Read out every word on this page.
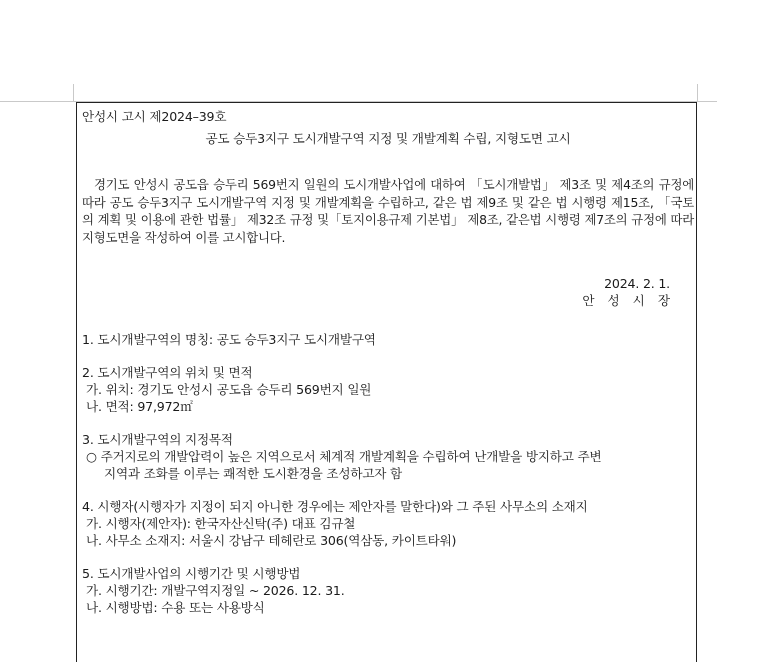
안성시 고시 제2024–39호

공도 승두3지구 도시개발구역 지정 및 개발계획 수립, 지형도면 고시

경기도 안성시 공도읍 승두리 569번지 일원의 도시개발사업에 대하여 「도시개발법」 제3조 및 제4조의 규정에 따라 공도 승두3지구 도시개발구역 지정 및 개발계획을 수립하고, 같은 법 제9조 및 같은 법 시행령 제15조, 「국토의 계획 및 이용에 관한 법률」 제32조 규정 및「토지이용규제 기본법」 제8조, 같은법 시행령 제7조의 규정에 따라 지형도면을 작성하여 이를 고시합니다.

2024. 2. 1.
안성시장

1. 도시개발구역의 명칭: 공도 승두3지구 도시개발구역

2. 도시개발구역의 위치 및 면적

가. 위치: 경기도 안성시 공도읍 승두리 569번지 일원

나. 면적: 97,972㎡

3. 도시개발구역의 지정목적

○ 주거지로의 개발압력이 높은 지역으로서 체계적 개발계획을 수립하여 난개발을 방지하고 주변

지역과 조화를 이루는 쾌적한 도시환경을 조성하고자 함

4. 시행자(시행자가 지정이 되지 아니한 경우에는 제안자를 말한다)와 그 주된 사무소의 소재지

가. 시행자(제안자): 한국자산신탁(주) 대표 김규철

나. 사무소 소재지: 서울시 강남구 테헤란로 306(역삼동, 카이트타워)

5. 도시개발사업의 시행기간 및 시행방법

가. 시행기간: 개발구역지정일 ~ 2026. 12. 31.

나. 시행방법: 수용 또는 사용방식
